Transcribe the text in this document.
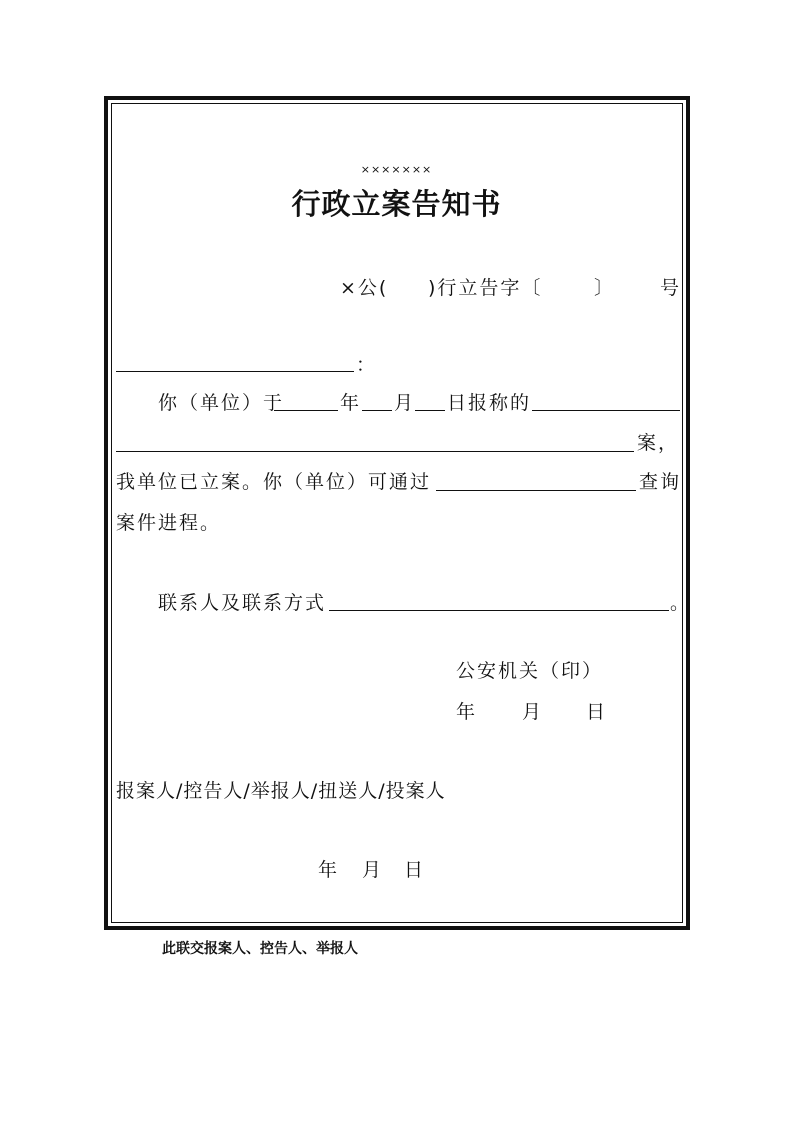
×××××××
行政立案告知书
×公( )行立告字〔	〕 号
：
你（单位）于	年 月 日报称的
案，
我单位已立案。你（单位）可通过	查询
案件进程。
联系人及联系方式	。
公安机关（印）
年 月 日
报案人/控告人/举报人/扭送人/投案人
年 月 日
此联交报案人、控告人、举报人
